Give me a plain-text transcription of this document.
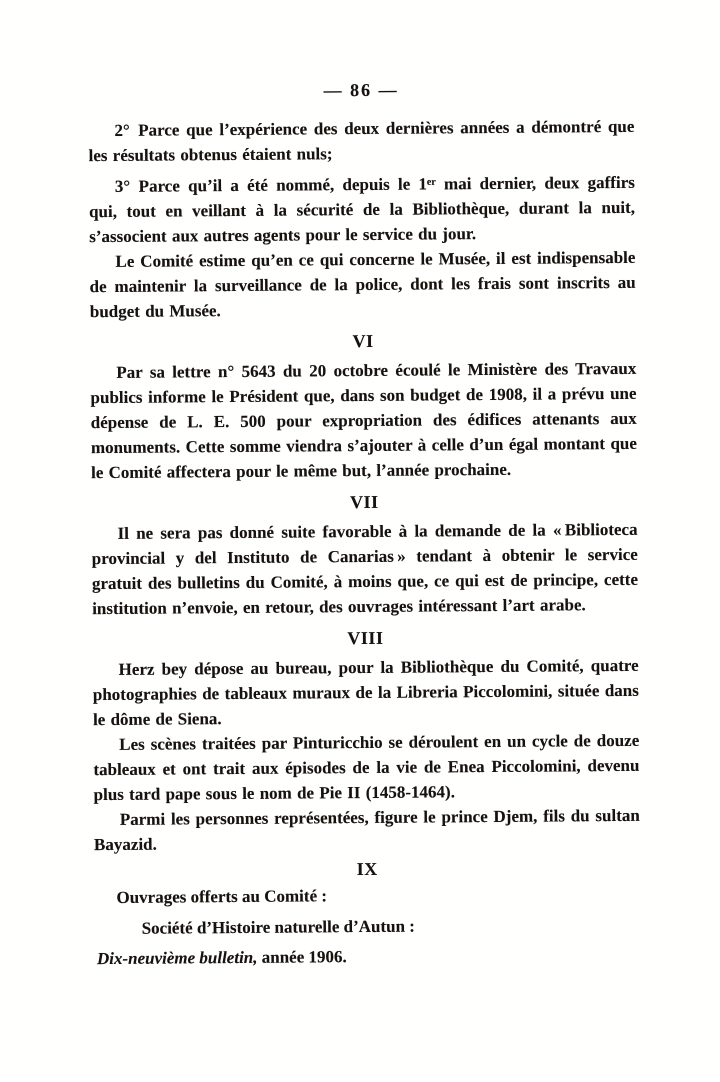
— 86 —

2° Parce que l’expérience des deux dernières années a démontré que les résultats obtenus étaient nuls;

3° Parce qu’il a été nommé, depuis le 1ᵉʳ mai dernier, deux gaffirs qui, tout en veillant à la sécurité de la Bibliothèque, durant la nuit, s’associent aux autres agents pour le service du jour.

Le Comité estime qu’en ce qui concerne le Musée, il est indispensable de maintenir la surveillance de la police, dont les frais sont inscrits au budget du Musée.

VI

Par sa lettre n° 5643 du 20 octobre écoulé le Ministère des Travaux publics informe le Président que, dans son budget de 1908, il a prévu une dépense de L. E. 500 pour expropriation des édifices attenants aux monuments. Cette somme viendra s’ajouter à celle d’un égal montant que le Comité affectera pour le même but, l’année prochaine.

VII

Il ne sera pas donné suite favorable à la demande de la « Biblioteca provincial y del Instituto de Canarias » tendant à obtenir le service gratuit des bulletins du Comité, à moins que, ce qui est de principe, cette institution n’envoie, en retour, des ouvrages intéressant l’art arabe.

VIII

Herz bey dépose au bureau, pour la Bibliothèque du Comité, quatre photographies de tableaux muraux de la Libreria Piccolomini, située dans le dôme de Siena.

Les scènes traitées par Pinturicchio se déroulent en un cycle de douze tableaux et ont trait aux épisodes de la vie de Enea Piccolomini, devenu plus tard pape sous le nom de Pie II (1458-1464).

Parmi les personnes représentées, figure le prince Djem, fils du sultan Bayazid.

IX

Ouvrages offerts au Comité :

Société d’Histoire naturelle d’Autun :

Dix-neuvième bulletin, année 1906.
